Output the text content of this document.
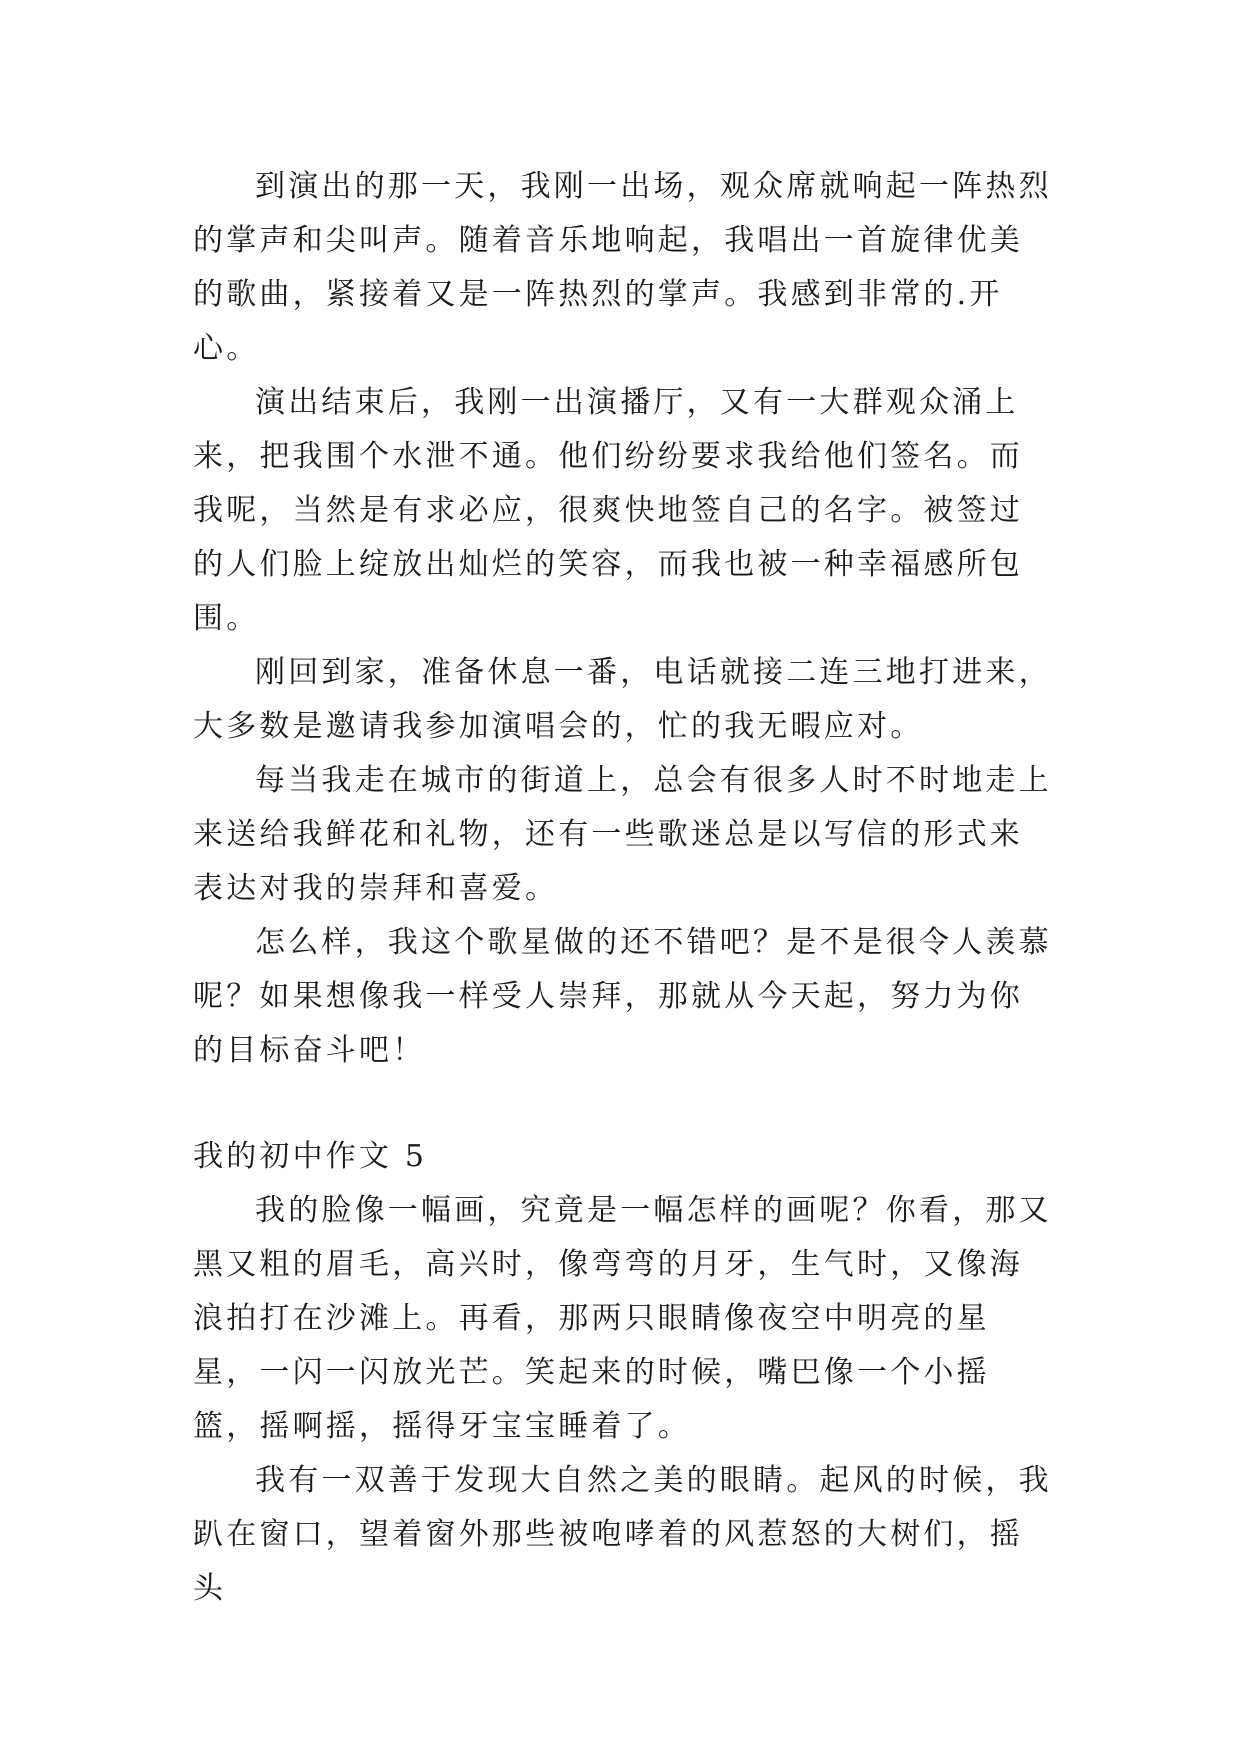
到演出的那一天，我刚一出场，观众席就响起一阵热烈的掌声和尖叫声。随着音乐地响起，我唱出一首旋律优美的歌曲，紧接着又是一阵热烈的掌声。我感到非常的.开心。

演出结束后，我刚一出演播厅，又有一大群观众涌上来，把我围个水泄不通。他们纷纷要求我给他们签名。而我呢，当然是有求必应，很爽快地签自己的名字。被签过的人们脸上绽放出灿烂的笑容，而我也被一种幸福感所包围。

刚回到家，准备休息一番，电话就接二连三地打进来，大多数是邀请我参加演唱会的，忙的我无暇应对。

每当我走在城市的街道上，总会有很多人时不时地走上来送给我鲜花和礼物，还有一些歌迷总是以写信的形式来表达对我的崇拜和喜爱。

怎么样，我这个歌星做的还不错吧？是不是很令人羡慕呢？如果想像我一样受人崇拜，那就从今天起，努力为你的目标奋斗吧！

我的初中作文 5

我的脸像一幅画，究竟是一幅怎样的画呢？你看，那又黑又粗的眉毛，高兴时，像弯弯的月牙，生气时，又像海浪拍打在沙滩上。再看，那两只眼睛像夜空中明亮的星星，一闪一闪放光芒。笑起来的时候，嘴巴像一个小摇篮，摇啊摇，摇得牙宝宝睡着了。

我有一双善于发现大自然之美的眼睛。起风的时候，我趴在窗口，望着窗外那些被咆哮着的风惹怒的大树们，摇头
